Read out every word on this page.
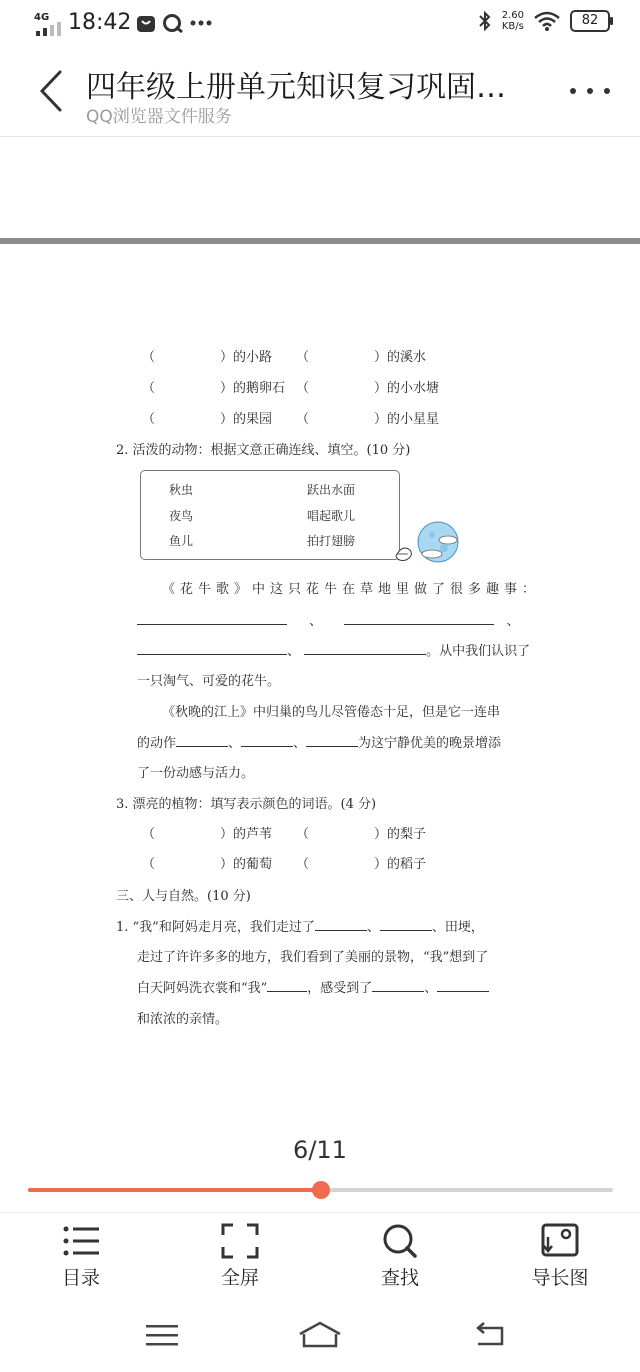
4G 18:42	2.60
KB/s	82
四年级上册单元知识复习巩固…
QQ浏览器文件服务
（　　　　　）的小路	（　　　　　）的溪水
（　　　　　）的鹅卵石 （　　　　　）的小水塘
（　　　　　）的果园	（　　　　　）的小星星
2. 活泼的动物：根据文意正确连线、填空。(10 分)
秋虫
夜鸟
鱼儿
跃出水面
唱起歌儿
拍打翅膀
《花牛歌》中这只花牛在草地里做了很多趣事：
、	、
、	。从中我们认识了
一只淘气、可爱的花牛。
《秋晚的江上》中归巢的鸟儿尽管倦态十足，但是它一连串
的动作	、	、	为这宁静优美的晚景增添
了一份动感与活力。
3. 漂亮的植物：填写表示颜色的词语。(4 分)
（　　　　　）的芦苇	（　　　　　）的梨子
（　　　　　）的葡萄	（　　　　　）的稻子
三、人与自然。(10 分)
1. “我”和阿妈走月亮，我们走过了	、	、田埂，
走过了许许多多的地方，我们看到了美丽的景物，“我”想到了
白天阿妈洗衣裳和“我”	，感受到了	、
和浓浓的亲情。
6/11
目录	全屏	查找	导长图
